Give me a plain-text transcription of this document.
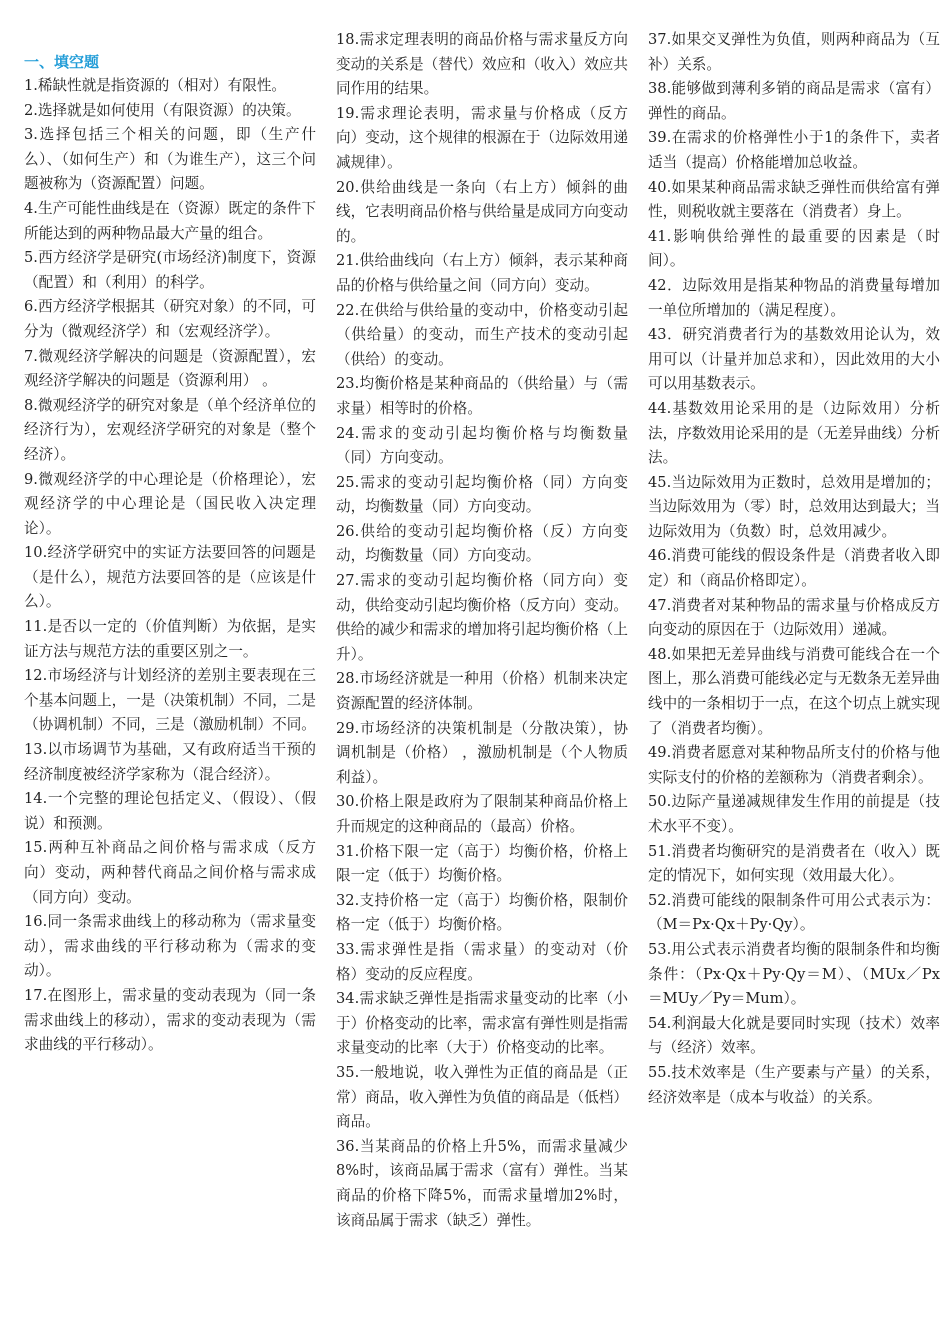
一、填空题

1.稀缺性就是指资源的（相对）有限性。

2.选择就是如何使用（有限资源）的决策。

3.选择包括三个相关的问题，即（生产什么）、（如何生产）和（为谁生产），这三个问题被称为（资源配置）问题。

4.生产可能性曲线是在（资源）既定的条件下所能达到的两种物品最大产量的组合。

5.西方经济学是研究(市场经济)制度下，资源（配置）和（利用）的科学。

6.西方经济学根据其（研究对象）的不同，可分为（微观经济学）和（宏观经济学）。

7.微观经济学解决的问题是（资源配置），宏观经济学解决的问题是（资源利用） 。

8.微观经济学的研究对象是（单个经济单位的经济行为），宏观经济学研究的对象是（整个经济）。

9.微观经济学的中心理论是（价格理论），宏观经济学的中心理论是（国民收入决定理论）。

10.经济学研究中的实证方法要回答的问题是（是什么），规范方法要回答的是（应该是什么）。

11.是否以一定的（价值判断）为依据，是实证方法与规范方法的重要区别之一。

12.市场经济与计划经济的差别主要表现在三个基本问题上，一是（决策机制）不同，二是（协调机制）不同，三是（激励机制）不同。

13.以市场调节为基础，又有政府适当干预的经济制度被经济学家称为（混合经济）。

14.一个完整的理论包括定义、（假设）、（假说）和预测。

15.两种互补商品之间价格与需求成（反方向）变动，两种替代商品之间价格与需求成（同方向）变动。

16.同一条需求曲线上的移动称为（需求量变动），需求曲线的平行移动称为（需求的变动）。

17.在图形上，需求量的变动表现为（同一条需求曲线上的移动），需求的变动表现为（需求曲线的平行移动）。

18.需求定理表明的商品价格与需求量反方向变动的关系是（替代）效应和（收入）效应共同作用的结果。

19.需求理论表明，需求量与价格成（反方向）变动，这个规律的根源在于（边际效用递减规律）。

20.供给曲线是一条向（右上方）倾斜的曲线，它表明商品价格与供给量是成同方向变动的。

21.供给曲线向（右上方）倾斜，表示某种商品的价格与供给量之间（同方向）变动。

22.在供给与供给量的变动中，价格变动引起（供给量）的变动，而生产技术的变动引起（供给）的变动。

23.均衡价格是某种商品的（供给量）与（需求量）相等时的价格。

24.需求的变动引起均衡价格与均衡数量（同）方向变动。

25.需求的变动引起均衡价格（同）方向变动，均衡数量（同）方向变动。

26.供给的变动引起均衡价格（反）方向变动，均衡数量（同）方向变动。

27.需求的变动引起均衡价格（同方向）变动，供给变动引起均衡价格（反方向）变动。供给的减少和需求的增加将引起均衡价格（上升）。

28.市场经济就是一种用（价格）机制来决定资源配置的经济体制。

29.市场经济的决策机制是（分散决策），协调机制是（价格） ，激励机制是（个人物质利益）。

30.价格上限是政府为了限制某种商品价格上升而规定的这种商品的（最高）价格。

31.价格下限一定（高于）均衡价格，价格上限一定（低于）均衡价格。

32.支持价格一定（高于）均衡价格，限制价格一定（低于）均衡价格。

33.需求弹性是指（需求量）的变动对（价格）变动的反应程度。

34.需求缺乏弹性是指需求量变动的比率（小于）价格变动的比率，需求富有弹性则是指需求量变动的比率（大于）价格变动的比率。

35.一般地说，收入弹性为正值的商品是（正常）商品，收入弹性为负值的商品是（低档）商品。

36.当某商品的价格上升5%，而需求量减少8%时，该商品属于需求（富有）弹性。当某商品的价格下降5%，而需求量增加2%时，该商品属于需求（缺乏）弹性。

37.如果交叉弹性为负值，则两种商品为（互补）关系。

38.能够做到薄利多销的商品是需求（富有）弹性的商品。

39.在需求的价格弹性小于1的条件下，卖者适当（提高）价格能增加总收益。

40.如果某种商品需求缺乏弹性而供给富有弹性，则税收就主要落在（消费者）身上。

41.影响供给弹性的最重要的因素是（时间）。

42．边际效用是指某种物品的消费量每增加一单位所增加的（满足程度）。

43．研究消费者行为的基数效用论认为，效用可以（计量并加总求和），因此效用的大小可以用基数表示。

44.基数效用论采用的是（边际效用）分析法，序数效用论采用的是（无差异曲线）分析法。

45.当边际效用为正数时，总效用是增加的；当边际效用为（零）时，总效用达到最大；当边际效用为（负数）时，总效用减少。

46.消费可能线的假设条件是（消费者收入即定）和（商品价格即定）。

47.消费者对某种物品的需求量与价格成反方向变动的原因在于（边际效用）递减。

48.如果把无差异曲线与消费可能线合在一个图上，那么消费可能线必定与无数条无差异曲线中的一条相切于一点，在这个切点上就实现了（消费者均衡）。

49.消费者愿意对某种物品所支付的价格与他实际支付的价格的差额称为（消费者剩余）。

50.边际产量递减规律发生作用的前提是（技术水平不变）。

51.消费者均衡研究的是消费者在（收入）既定的情况下，如何实现（效用最大化）。

52.消费可能线的限制条件可用公式表示为：（M＝Px·Qx＋Py·Qy）。

53.用公式表示消费者均衡的限制条件和均衡条件：（Px·Qx＋Py·Qy＝M）、（MUx／Px＝MUy／Py＝Mum）。

54.利润最大化就是要同时实现（技术）效率与（经济）效率。

55.技术效率是（生产要素与产量）的关系，经济效率是（成本与收益）的关系。
